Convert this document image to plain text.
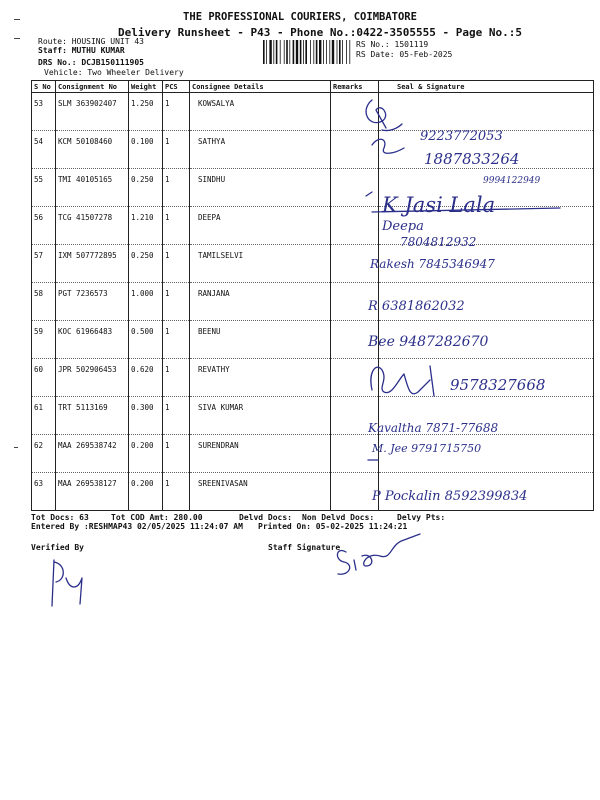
THE PROFESSIONAL COURIERS, COIMBATORE
Delivery Runsheet - P43 - Phone No.:0422-3505555 - Page No.:5
Route: HOUSING UNIT 43
Staff: MUTHU KUMAR
DRS No.: DCJB150111905
Vehicle: Two Wheeler Delivery
RS No.: 1501119
RS Date: 05-Feb-2025
S No	Consignment No	Weight	PCS	Consignee Details	Remarks	Seal & Signature
53	SLM 363902407	1.250	1	KOWSALYA		
54	KCM 50108460	0.100	1	SATHYA		
55	TMI 40105165	0.250	1	SINDHU		
56	TCG 41507278	1.210	1	DEEPA		
57	IXM 507772895	0.250	1	TAMILSELVI		
58	PGT 7236573	1.000	1	RANJANA		
59	KOC 61966483	0.500	1	BEENU		
60	JPR 502906453	0.620	1	REVATHY		
61	TRT 5113169	0.300	1	SIVA KUMAR		
62	MAA 269538742	0.200	1	SURENDRAN		
63	MAA 269538127	0.200	1	SREENIVASAN		
Tot Docs: 63	Tot COD Amt: 280.00	Delvd Docs: Non Delvd Docs:	Delvy Pts:
Entered By :RESHMAP43 02/05/2025 11:24:07 AM Printed On: 05-02-2025 11:24:21
Verified By	Staff Signature
9223772053
1887833264
9994122949
K Jasi Lala
Deepa
7804812932
Rakesh 7845346947
R 6381862032
Bee 9487282670
9578327668
Kavaltha 7871-77688
M. Jee 9791715750
P Pockalin 8592399834
